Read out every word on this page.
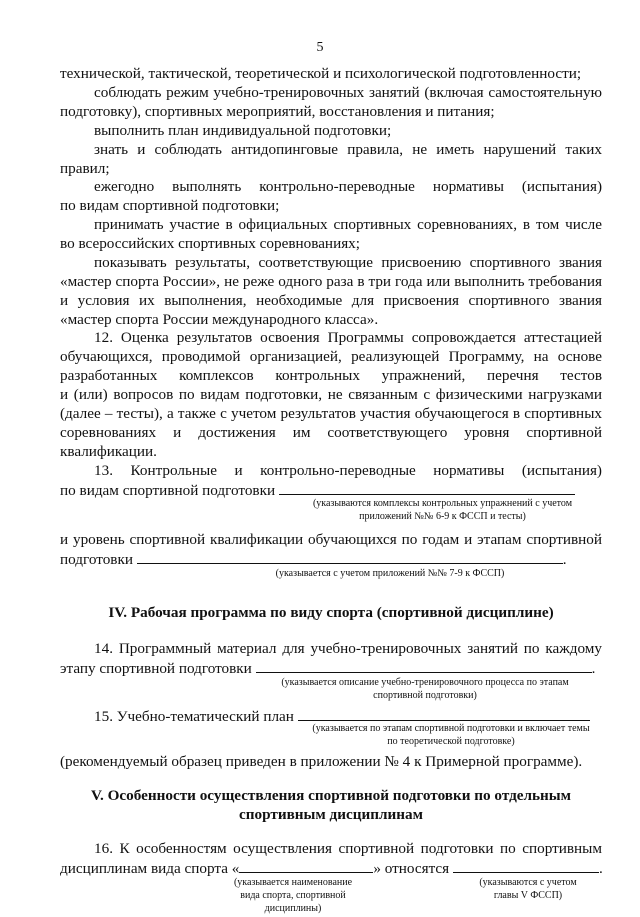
5
технической, тактической, теоретической и психологической подготовленности;
соблюдать режим учебно-тренировочных занятий (включая самостоятельную
подготовку), спортивных мероприятий, восстановления и питания;
выполнить план индивидуальной подготовки;
знать и соблюдать антидопинговые правила, не иметь нарушений таких
правил;
ежегодно выполнять контрольно-переводные нормативы (испытания)
по видам спортивной подготовки;
принимать участие в официальных спортивных соревнованиях, в том числе
во всероссийских спортивных соревнованиях;
показывать результаты, соответствующие присвоению спортивного звания
«мастер спорта России», не реже одного раза в три года или выполнить требования
и условия их выполнения, необходимые для присвоения спортивного звания
«мастер спорта России международного класса».
12. Оценка результатов освоения Программы сопровождается аттестацией
обучающихся, проводимой организацией, реализующей Программу, на основе
разработанных комплексов контрольных упражнений, перечня тестов
и (или) вопросов по видам подготовки, не связанным с физическими нагрузками
(далее – тесты), а также с учетом результатов участия обучающегося в спортивных
соревнованиях и достижения им соответствующего уровня спортивной
квалификации.
13. Контрольные и контрольно-переводные нормативы (испытания)
по видам спортивной подготовки
(указываются комплексы контрольных упражнений с учетом
приложений №№ 6-9 к ФССП и тесты)
и уровень спортивной квалификации обучающихся по годам и этапам спортивной
подготовки	.
(указывается с учетом приложений №№ 7-9 к ФССП)
IV. Рабочая программа по виду спорта (спортивной дисциплине)
14. Программный материал для учебно-тренировочных занятий по каждому
этапу спортивной подготовки	.
(указывается описание учебно-тренировочного процесса по этапам
спортивной подготовки)
15. Учебно-тематический план
(указывается по этапам спортивной подготовки и включает темы
по теоретической подготовке)
(рекомендуемый образец приведен в приложении № 4 к Примерной программе).
V. Особенности осуществления спортивной подготовки по отдельным
спортивным дисциплинам
16. К особенностям осуществления спортивной подготовки по спортивным
дисциплинам вида спорта «	» относятся	.
(указывается наименование
вида спорта, спортивной
дисциплины)
(указываются с учетом
главы V ФССП)
